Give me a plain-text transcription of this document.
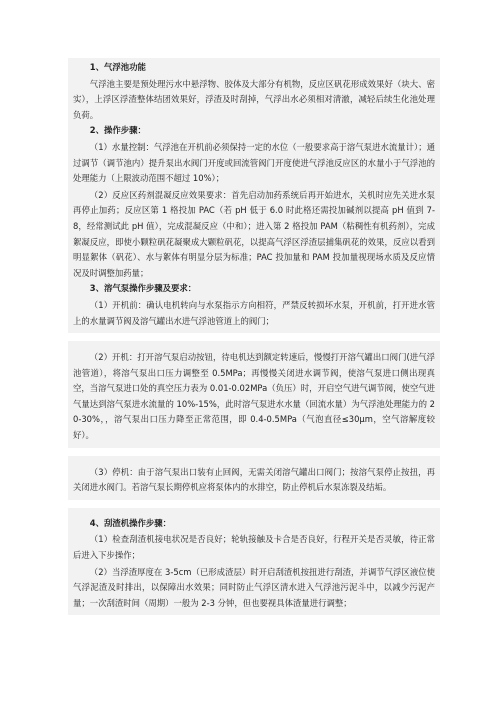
1、气浮池功能

气浮池主要是预处理污水中悬浮物、胶体及大部分有机物，反应区矾花形成效果好（块大、密实），上浮区浮渣整体结团效果好，浮渣及时刮掉，气浮出水必须相对清澈，减轻后续生化池处理负荷。

2、操作步骤：

（1）水量控制：气浮池在开机前必须保持一定的水位（一般要求高于溶气泵进水流量计）；通过调节（调节池内）提升泵出水阀门开度或回流管阀门开度使进气浮池反应区的水量小于气浮池的处理能力（上限波动范围不超过 10%）；

（2）反应区药剂混凝反应效果要求：首先启动加药系统后再开始进水，关机时应先关进水泵再停止加药；反应区第 1 格投加 PAC（若 pH 低于 6.0 时此格还需投加碱剂以提高 pH 值到 7-8，经常测试此 pH 值），完成混凝反应（中和）；进入第 2 格投加 PAM（粘稠性有机药剂），完成絮凝反应，即使小颗粒矾花凝聚成大颗粒矾花，以提高气浮区浮渣层捕集矾花的效果，反应以看到明显絮体（矾花）、水与絮体有明显分层为标准；PAC 投加量和 PAM 投加量视现场水质及反应情况及时调整加药量；

3、溶气泵操作步骤及要求：

（1）开机前：确认电机转向与水泵指示方向相符，严禁反转损坏水泵，开机前，打开进水管上的水量调节阀及溶气罐出水进气浮池管道上的阀门；

（2）开机：打开溶气泵启动按钮，待电机达到额定转速后，慢慢打开溶气罐出口阀门(进气浮池管道），将溶气泵出口压力调整至 0.5MPa；再慢慢关闭进水调节阀，使溶气泵进口侧出现真空，当溶气泵进口处的真空压力表为 0.01-0.02MPa（负压）时，开启空气进气调节阀，使空气进气量达到溶气泵进水流量的 10%-15%，此时溶气泵进水水量（回流水量）为气浮池处理能力的 20-30%，，溶气泵出口压力降至正常范围，即 0.4-0.5MPa（气泡直径≤30μm，空气溶解度较好）。

（3）停机：由于溶气泵出口装有止回阀，无需关闭溶气罐出口阀门；按溶气泵停止按扭，再关闭进水阀门。若溶气泵长期停机应将泵体内的水排空，防止停机后水泵冻裂及结垢。

4、刮渣机操作步骤：

（1）检查刮渣机接电状况是否良好；轮轨接触及卡合是否良好，行程开关是否灵敏，待正常后进入下步操作；

（2）当浮渣厚度在 3-5cm（已形成渣层）时开启刮渣机按扭进行刮渣，并调节气浮区液位使气浮泥渣及时排出，以保障出水效果；同时防止气浮区清水进入气浮池污泥斗中，以减少污泥产量；一次刮渣时间（周期）一般为 2-3 分钟，但也要视具体渣量进行调整；
